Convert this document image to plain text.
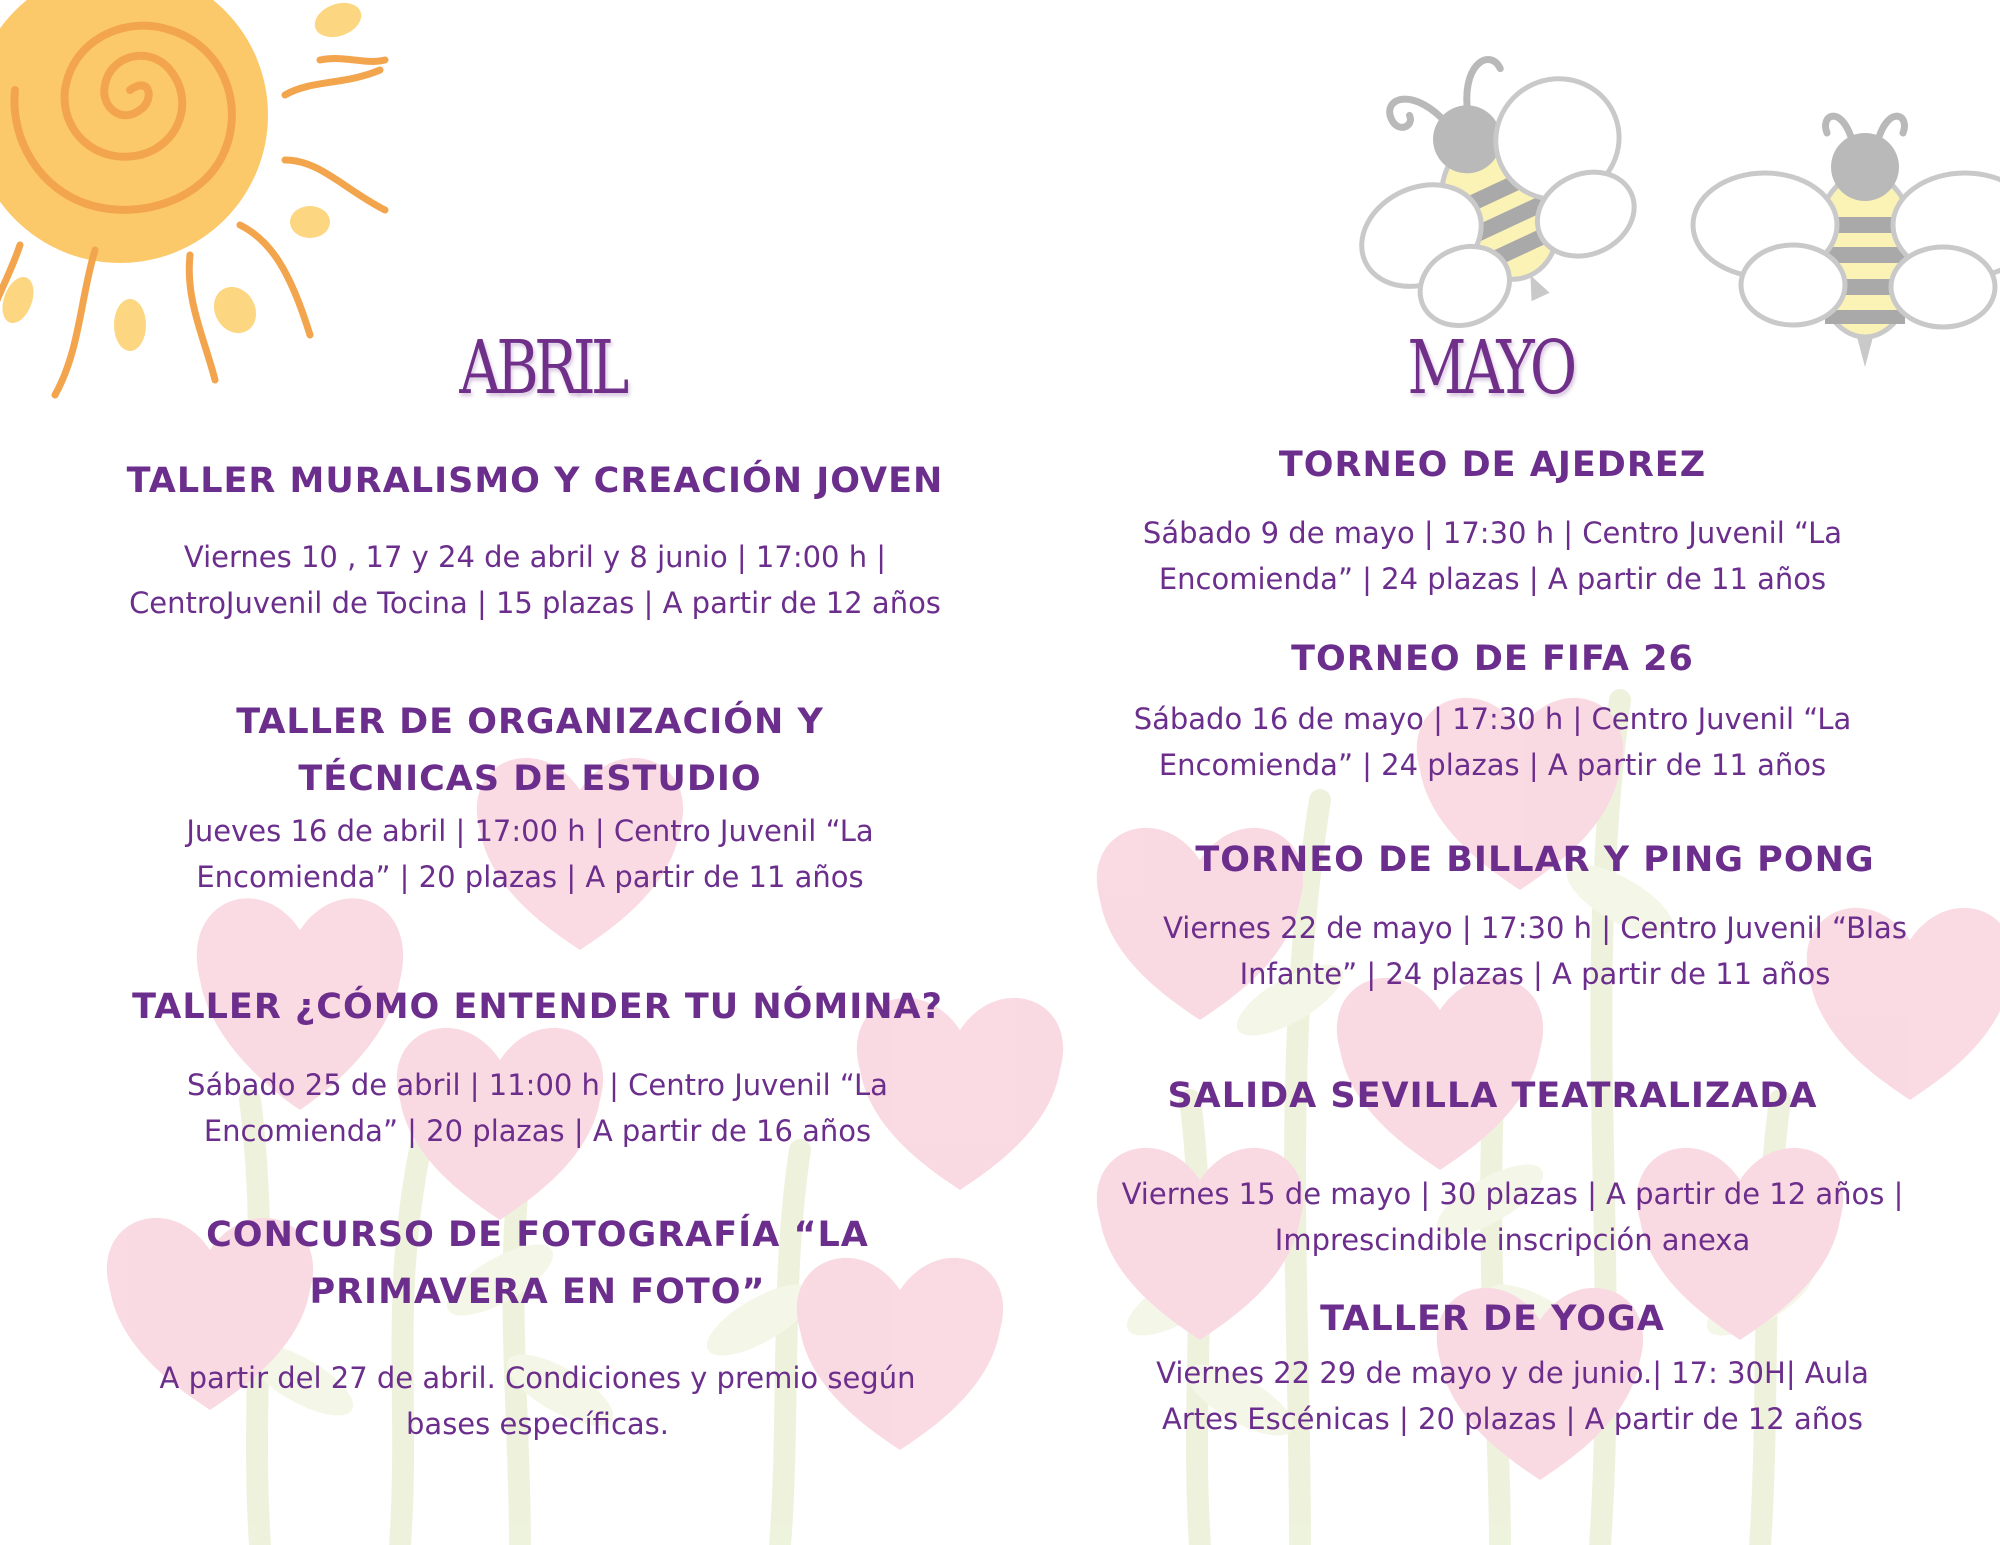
ABRIL	MAYO
TALLER MURALISMO Y CREACIÓN JOVEN
Viernes 10 , 17 y 24 de abril y 8 junio | 17:00 h |
CentroJuvenil de Tocina | 15 plazas | A partir de 12 años
TALLER DE ORGANIZACIÓN Y
TÉCNICAS DE ESTUDIO
Jueves 16 de abril | 17:00 h | Centro Juvenil “La
Encomienda” | 20 plazas | A partir de 11 años
TALLER ¿CÓMO ENTENDER TU NÓMINA?
Sábado 25 de abril | 11:00 h | Centro Juvenil “La
Encomienda” | 20 plazas | A partir de 16 años
CONCURSO DE FOTOGRAFÍA “LA
PRIMAVERA EN FOTO”
A partir del 27 de abril. Condiciones y premio según
bases específicas.
TORNEO DE AJEDREZ
Sábado 9 de mayo | 17:30 h | Centro Juvenil “La
Encomienda” | 24 plazas | A partir de 11 años
TORNEO DE FIFA 26
Sábado 16 de mayo | 17:30 h | Centro Juvenil “La
Encomienda” | 24 plazas | A partir de 11 años
TORNEO DE BILLAR Y PING PONG
Viernes 22 de mayo | 17:30 h | Centro Juvenil “Blas
Infante” | 24 plazas | A partir de 11 años
SALIDA SEVILLA TEATRALIZADA
Viernes 15 de mayo | 30 plazas | A partir de 12 años |
Imprescindible inscripción anexa
TALLER DE YOGA
Viernes 22 29 de mayo y de junio.| 17: 30H| Aula
Artes Escénicas | 20 plazas | A partir de 12 años
